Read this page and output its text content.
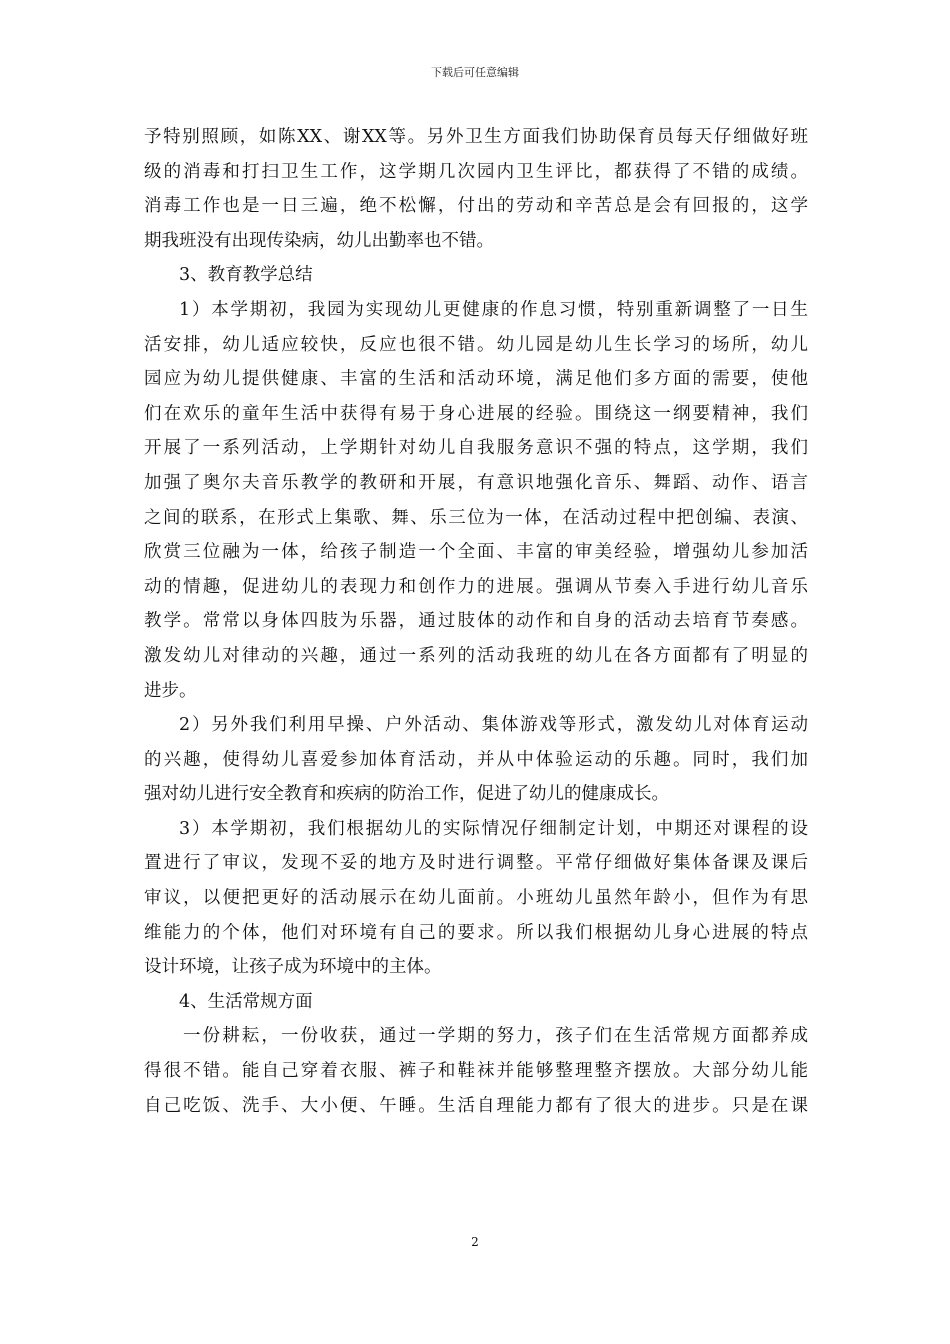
下载后可任意编辑
予特别照顾，如陈XX、谢XX等。另外卫生方面我们协助保育员每天仔细做好班
级的消毒和打扫卫生工作，这学期几次园内卫生评比，都获得了不错的成绩。
消毒工作也是一日三遍，绝不松懈，付出的劳动和辛苦总是会有回报的，这学
期我班没有出现传染病，幼儿出勤率也不错。
3、教育教学总结
1）本学期初，我园为实现幼儿更健康的作息习惯，特别重新调整了一日生
活安排，幼儿适应较快，反应也很不错。幼儿园是幼儿生长学习的场所，幼儿
园应为幼儿提供健康、丰富的生活和活动环境，满足他们多方面的需要，使他
们在欢乐的童年生活中获得有易于身心进展的经验。围绕这一纲要精神，我们
开展了一系列活动，上学期针对幼儿自我服务意识不强的特点，这学期，我们
加强了奥尔夫音乐教学的教研和开展，有意识地强化音乐、舞蹈、动作、语言
之间的联系，在形式上集歌、舞、乐三位为一体，在活动过程中把创编、表演、
欣赏三位融为一体，给孩子制造一个全面、丰富的审美经验，增强幼儿参加活
动的情趣，促进幼儿的表现力和创作力的进展。强调从节奏入手进行幼儿音乐
教学。常常以身体四肢为乐器，通过肢体的动作和自身的活动去培育节奏感。
激发幼儿对律动的兴趣，通过一系列的活动我班的幼儿在各方面都有了明显的
进步。
2）另外我们利用早操、户外活动、集体游戏等形式，激发幼儿对体育运动
的兴趣，使得幼儿喜爱参加体育活动，并从中体验运动的乐趣。同时，我们加
强对幼儿进行安全教育和疾病的防治工作，促进了幼儿的健康成长。
3）本学期初，我们根据幼儿的实际情况仔细制定计划，中期还对课程的设
置进行了审议，发现不妥的地方及时进行调整。平常仔细做好集体备课及课后
审议，以便把更好的活动展示在幼儿面前。小班幼儿虽然年龄小，但作为有思
维能力的个体，他们对环境有自己的要求。所以我们根据幼儿身心进展的特点
设计环境，让孩子成为环境中的主体。
4、生活常规方面
一份耕耘，一份收获，通过一学期的努力，孩子们在生活常规方面都养成
得很不错。能自己穿着衣服、裤子和鞋袜并能够整理整齐摆放。大部分幼儿能
自己吃饭、洗手、大小便、午睡。生活自理能力都有了很大的进步。只是在课
2
